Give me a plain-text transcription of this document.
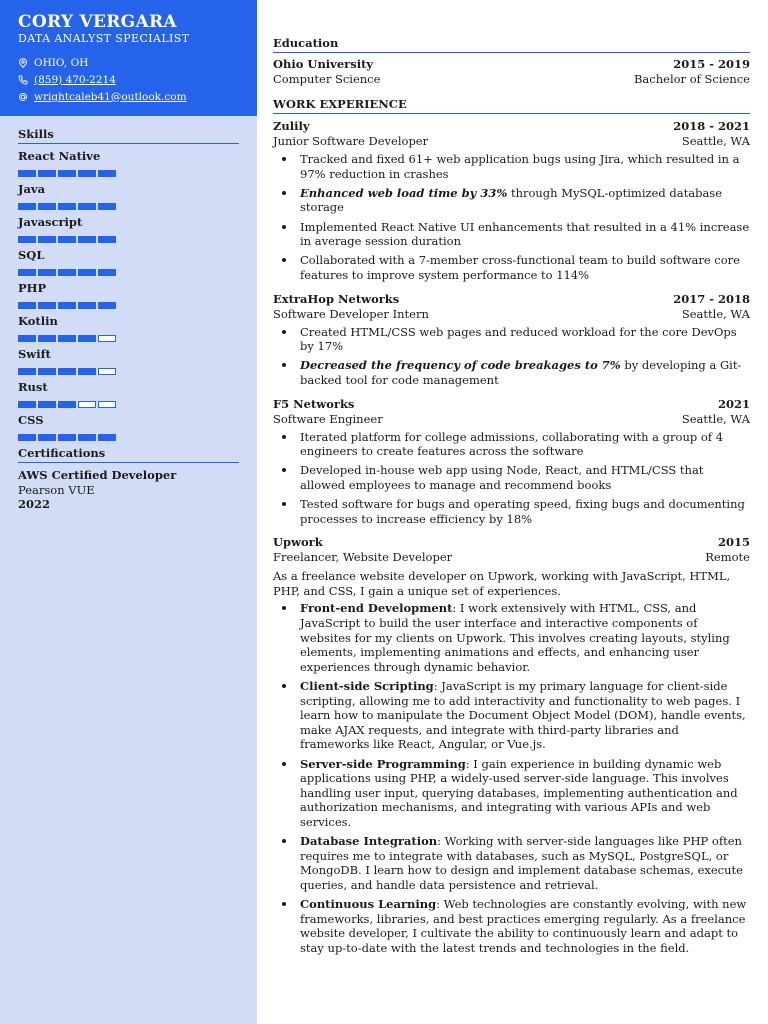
CORY VERGARA
DATA ANALYST SPECIALIST
OHIO, OH
(859) 470-2214
wrightcaleb41@outlook.com
Skills
React Native
Java
Javascript
SQL
PHP
Kotlin
Swift
Rust
CSS
Certifications
AWS Certified Developer
Pearson VUE
2022
Education
Ohio University	2015 - 2019
Computer Science	Bachelor of Science
WORK EXPERIENCE
Zulily	2018 - 2021
Junior Software Developer	Seattle, WA
Tracked and fixed 61+ web application bugs using Jira, which resulted in a 97% reduction in crashes
Enhanced web load time by 33% through MySQL-optimized database storage
Implemented React Native UI enhancements that resulted in a 41% increase in average session duration
Collaborated with a 7-member cross-functional team to build software core features to improve system performance to 114%
ExtraHop Networks	2017 - 2018
Software Developer Intern	Seattle, WA
Created HTML/CSS web pages and reduced workload for the core DevOps by 17%
Decreased the frequency of code breakages to 7% by developing a Git-backed tool for code management
F5 Networks	2021
Software Engineer	Seattle, WA
Iterated platform for college admissions, collaborating with a group of 4 engineers to create features across the software
Developed in-house web app using Node, React, and HTML/CSS that allowed employees to manage and recommend books
Tested software for bugs and operating speed, fixing bugs and documenting processes to increase efficiency by 18%
Upwork	2015
Freelancer, Website Developer	Remote
As a freelance website developer on Upwork, working with JavaScript, HTML, PHP, and CSS, I gain a unique set of experiences.
Front-end Development: I work extensively with HTML, CSS, and JavaScript to build the user interface and interactive components of websites for my clients on Upwork. This involves creating layouts, styling elements, implementing animations and effects, and enhancing user experiences through dynamic behavior.
Client-side Scripting: JavaScript is my primary language for client-side scripting, allowing me to add interactivity and functionality to web pages. I learn how to manipulate the Document Object Model (DOM), handle events, make AJAX requests, and integrate with third-party libraries and frameworks like React, Angular, or Vue.js.
Server-side Programming: I gain experience in building dynamic web applications using PHP, a widely-used server-side language. This involves handling user input, querying databases, implementing authentication and authorization mechanisms, and integrating with various APIs and web services.
Database Integration: Working with server-side languages like PHP often requires me to integrate with databases, such as MySQL, PostgreSQL, or MongoDB. I learn how to design and implement database schemas, execute queries, and handle data persistence and retrieval.
Continuous Learning: Web technologies are constantly evolving, with new frameworks, libraries, and best practices emerging regularly. As a freelance website developer, I cultivate the ability to continuously learn and adapt to stay up-to-date with the latest trends and technologies in the field.
